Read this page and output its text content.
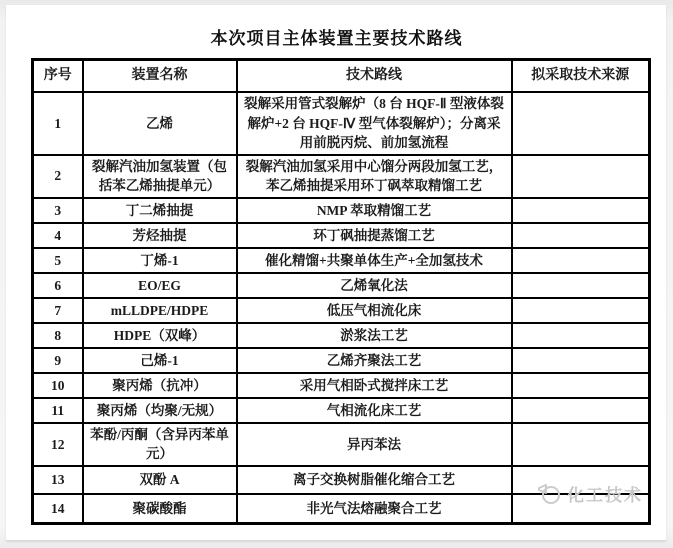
本次项目主体装置主要技术路线
序号	装置名称	技术路线	拟采取技术来源
1	乙烯	裂解采用管式裂解炉（8 台 HQF-Ⅱ 型液体裂解炉+2 台 HQF-Ⅳ 型气体裂解炉）；分离采用前脱丙烷、前加氢流程	
2	裂解汽油加氢装置（包括苯乙烯抽提单元）	裂解汽油加氢采用中心馏分两段加氢工艺，苯乙烯抽提采用环丁砜萃取精馏工艺	
3	丁二烯抽提	NMP 萃取精馏工艺	
4	芳烃抽提	环丁砜抽提蒸馏工艺	
5	丁烯-1	催化精馏+共聚单体生产+全加氢技术	
6	EO/EG	乙烯氧化法	
7	mLLDPE/HDPE	低压气相流化床	
8	HDPE（双峰）	淤浆法工艺	
9	己烯-1	乙烯齐聚法工艺	
10	聚丙烯（抗冲）	采用气相卧式搅拌床工艺	
11	聚丙烯（均聚/无规）	气相流化床工艺	
12	苯酚/丙酮（含异丙苯单元）	异丙苯法	
13	双酚 A	离子交换树脂催化缩合工艺	
14	聚碳酸酯	非光气法熔融聚合工艺	
化工技术
